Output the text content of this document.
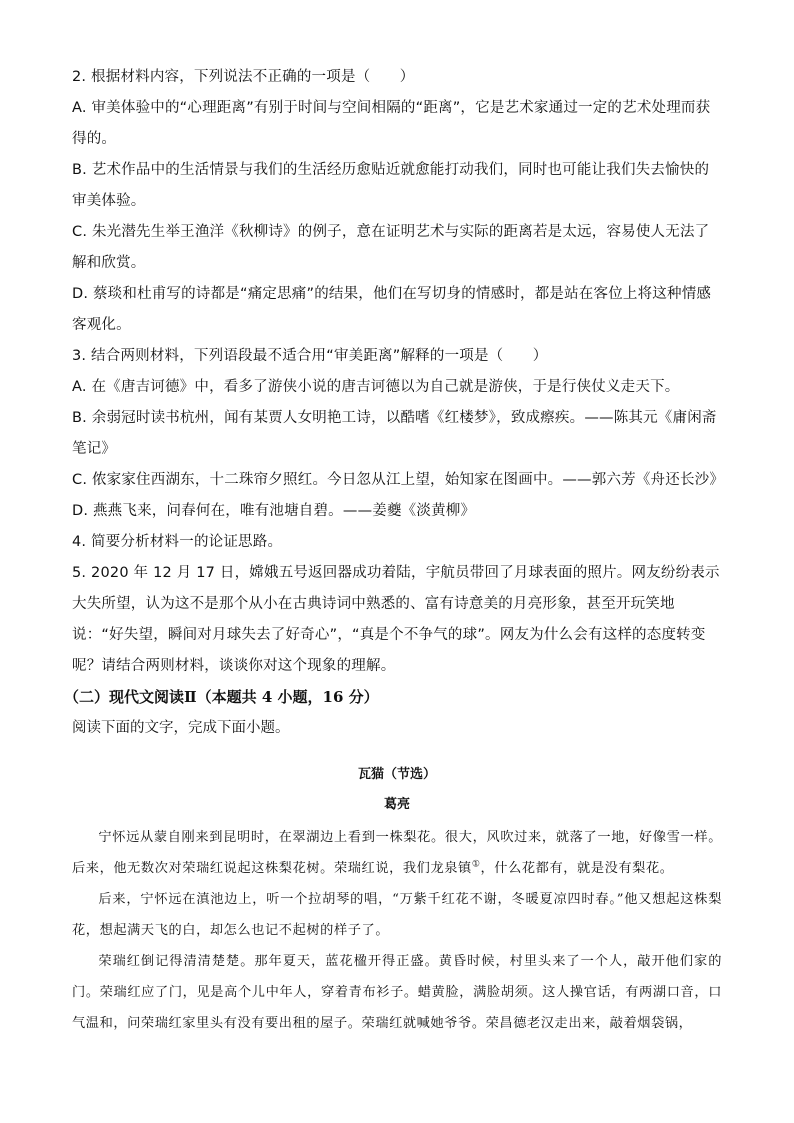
2. 根据材料内容，下列说法不正确的一项是（　　）

A. 审美体验中的“心理距离”有别于时间与空间相隔的“距离”，它是艺术家通过一定的艺术处理而获得的。

B. 艺术作品中的生活情景与我们的生活经历愈贴近就愈能打动我们，同时也可能让我们失去愉快的审美体验。

C. 朱光潜先生举王渔洋《秋柳诗》的例子，意在证明艺术与实际的距离若是太远，容易使人无法了解和欣赏。

D. 蔡琰和杜甫写的诗都是“痛定思痛”的结果，他们在写切身的情感时，都是站在客位上将这种情感客观化。

3. 结合两则材料，下列语段最不适合用“审美距离”解释的一项是（　　）

A. 在《唐吉诃德》中，看多了游侠小说的唐吉诃德以为自己就是游侠，于是行侠仗义走天下。

B. 余弱冠时读书杭州，闻有某贾人女明艳工诗，以酷嗜《红楼梦》，致成瘵疾。——陈其元《庸闲斋笔记》

C. 侬家家住西湖东，十二珠帘夕照红。今日忽从江上望，始知家在图画中。——郭六芳《舟还长沙》

D. 燕燕飞来，问春何在，唯有池塘自碧。——姜夔《淡黄柳》

4. 简要分析材料一的论证思路。

5. 2020 年 12 月 17 日，嫦娥五号返回器成功着陆，宇航员带回了月球表面的照片。网友纷纷表示大失所望，认为这不是那个从小在古典诗词中熟悉的、富有诗意美的月亮形象，甚至开玩笑地说：“好失望，瞬间对月球失去了好奇心”，“真是个不争气的球”。网友为什么会有这样的态度转变呢？请结合两则材料，谈谈你对这个现象的理解。

（二）现代文阅读Ⅱ（本题共 4 小题，16 分）

阅读下面的文字，完成下面小题。

瓦猫（节选）

葛亮

宁怀远从蒙自刚来到昆明时，在翠湖边上看到一株梨花。很大，风吹过来，就落了一地，好像雪一样。后来，他无数次对荣瑞红说起这株梨花树。荣瑞红说，我们龙泉镇①，什么花都有，就是没有梨花。

后来，宁怀远在滇池边上，听一个拉胡琴的唱，“万紫千红花不谢，冬暖夏凉四时春。”他又想起这株梨花，想起满天飞的白，却怎么也记不起树的样子了。

荣瑞红倒记得清清楚楚。那年夏天，蓝花楹开得正盛。黄昏时候，村里头来了一个人，敲开他们家的门。荣瑞红应了门，见是高个儿中年人，穿着青布衫子。蜡黄脸，满脸胡须。这人操官话，有两湖口音，口气温和，问荣瑞红家里头有没有要出租的屋子。荣瑞红就喊她爷爷。荣昌德老汉走出来，敲着烟袋锅，
